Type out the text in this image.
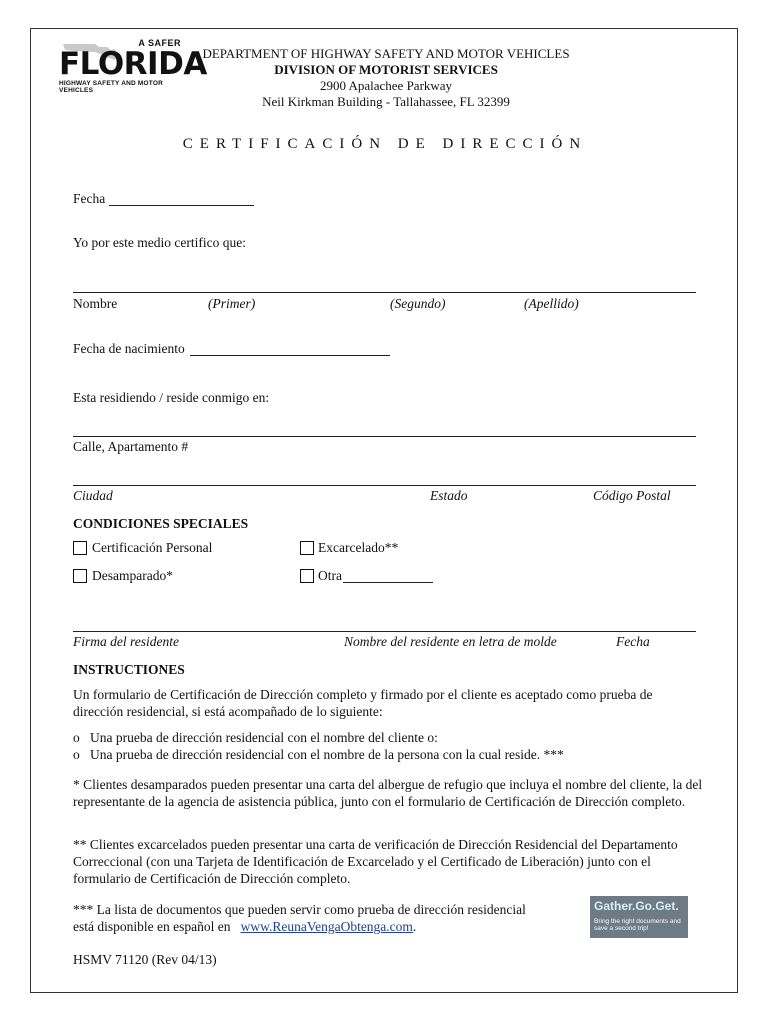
A SAFER
FLORIDA
HIGHWAY SAFETY AND MOTOR VEHICLES
DEPARTMENT OF HIGHWAY SAFETY AND MOTOR VEHICLES
DIVISION OF MOTORIST SERVICES
2900 Apalachee Parkway
Neil Kirkman Building - Tallahassee, FL 32399
CERTIFICACIÓN DE DIRECCIÓN
Fecha
Yo por este medio certifico que:
Nombre	(Primer)	(Segundo)	(Apellido)
Fecha de nacimiento
Esta residiendo / reside conmigo en:
Calle, Apartamento #
Ciudad	Estado	Código Postal
CONDICIONES SPECIALES
Certificación Personal	Excarcelado**
Desamparado*	Otra
Firma del residente	Nombre del residente en letra de molde	Fecha
INSTRUCTIONES
Un formulario de Certificación de Dirección completo y firmado por el cliente es aceptado como prueba de dirección residencial, si está acompañado de lo siguiente:
o Una prueba de dirección residencial con el nombre del cliente o:
o Una prueba de dirección residencial con el nombre de la persona con la cual reside. ***
* Clientes desamparados pueden presentar una carta del albergue de refugio que incluya el nombre del cliente, la del representante de la agencia de asistencia pública, junto con el formulario de Certificación de Dirección completo.
** Clientes excarcelados pueden presentar una carta de verificación de Dirección Residencial del Departamento Correccional (con una Tarjeta de Identificación de Excarcelado y el Certificado de Liberación) junto con el formulario de Certificación de Dirección completo.
*** La lista de documentos que pueden servir como prueba de dirección residencial
está disponible en español en www.ReunaVengaObtenga.com.
Gather.Go.Get.
Bring the right documents and save a second trip!
HSMV 71120 (Rev 04/13)
